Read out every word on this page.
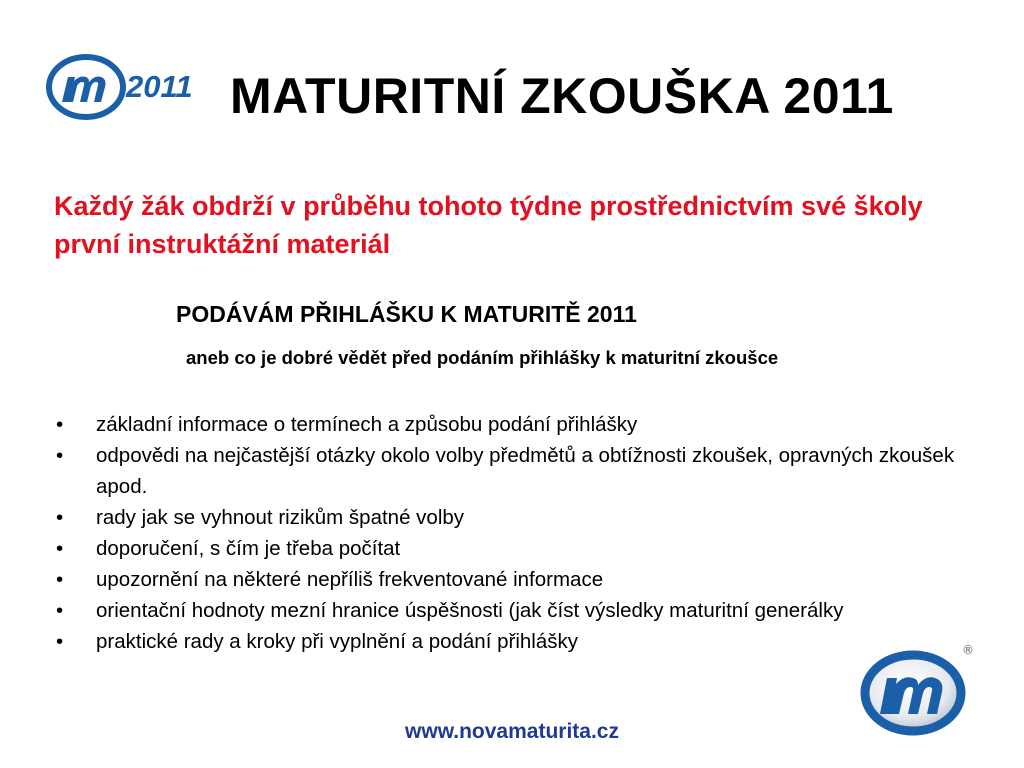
2011 MATURITNÍ ZKOUŠKA 2011

Každý žák obdrží v průběhu tohoto týdne prostřednictvím své školy první instruktážní materiál

PODÁVÁM PŘIHLÁŠKU K MATURITĚ 2011

aneb co je dobré vědět před podáním přihlášky k maturitní zkoušce

• základní informace o termínech a způsobu podání přihlášky
• odpovědi na nejčastější otázky okolo volby předmětů a obtížnosti zkoušek, opravných zkoušek apod.
• rady jak se vyhnout rizikům špatné volby
• doporučení, s čím je třeba počítat
• upozornění na některé nepříliš frekventované informace
• orientační hodnoty mezní hranice úspěšnosti (jak číst výsledky maturitní generálky
• praktické rady a kroky při vyplnění a podání přihlášky	®

www.novamaturita.cz
